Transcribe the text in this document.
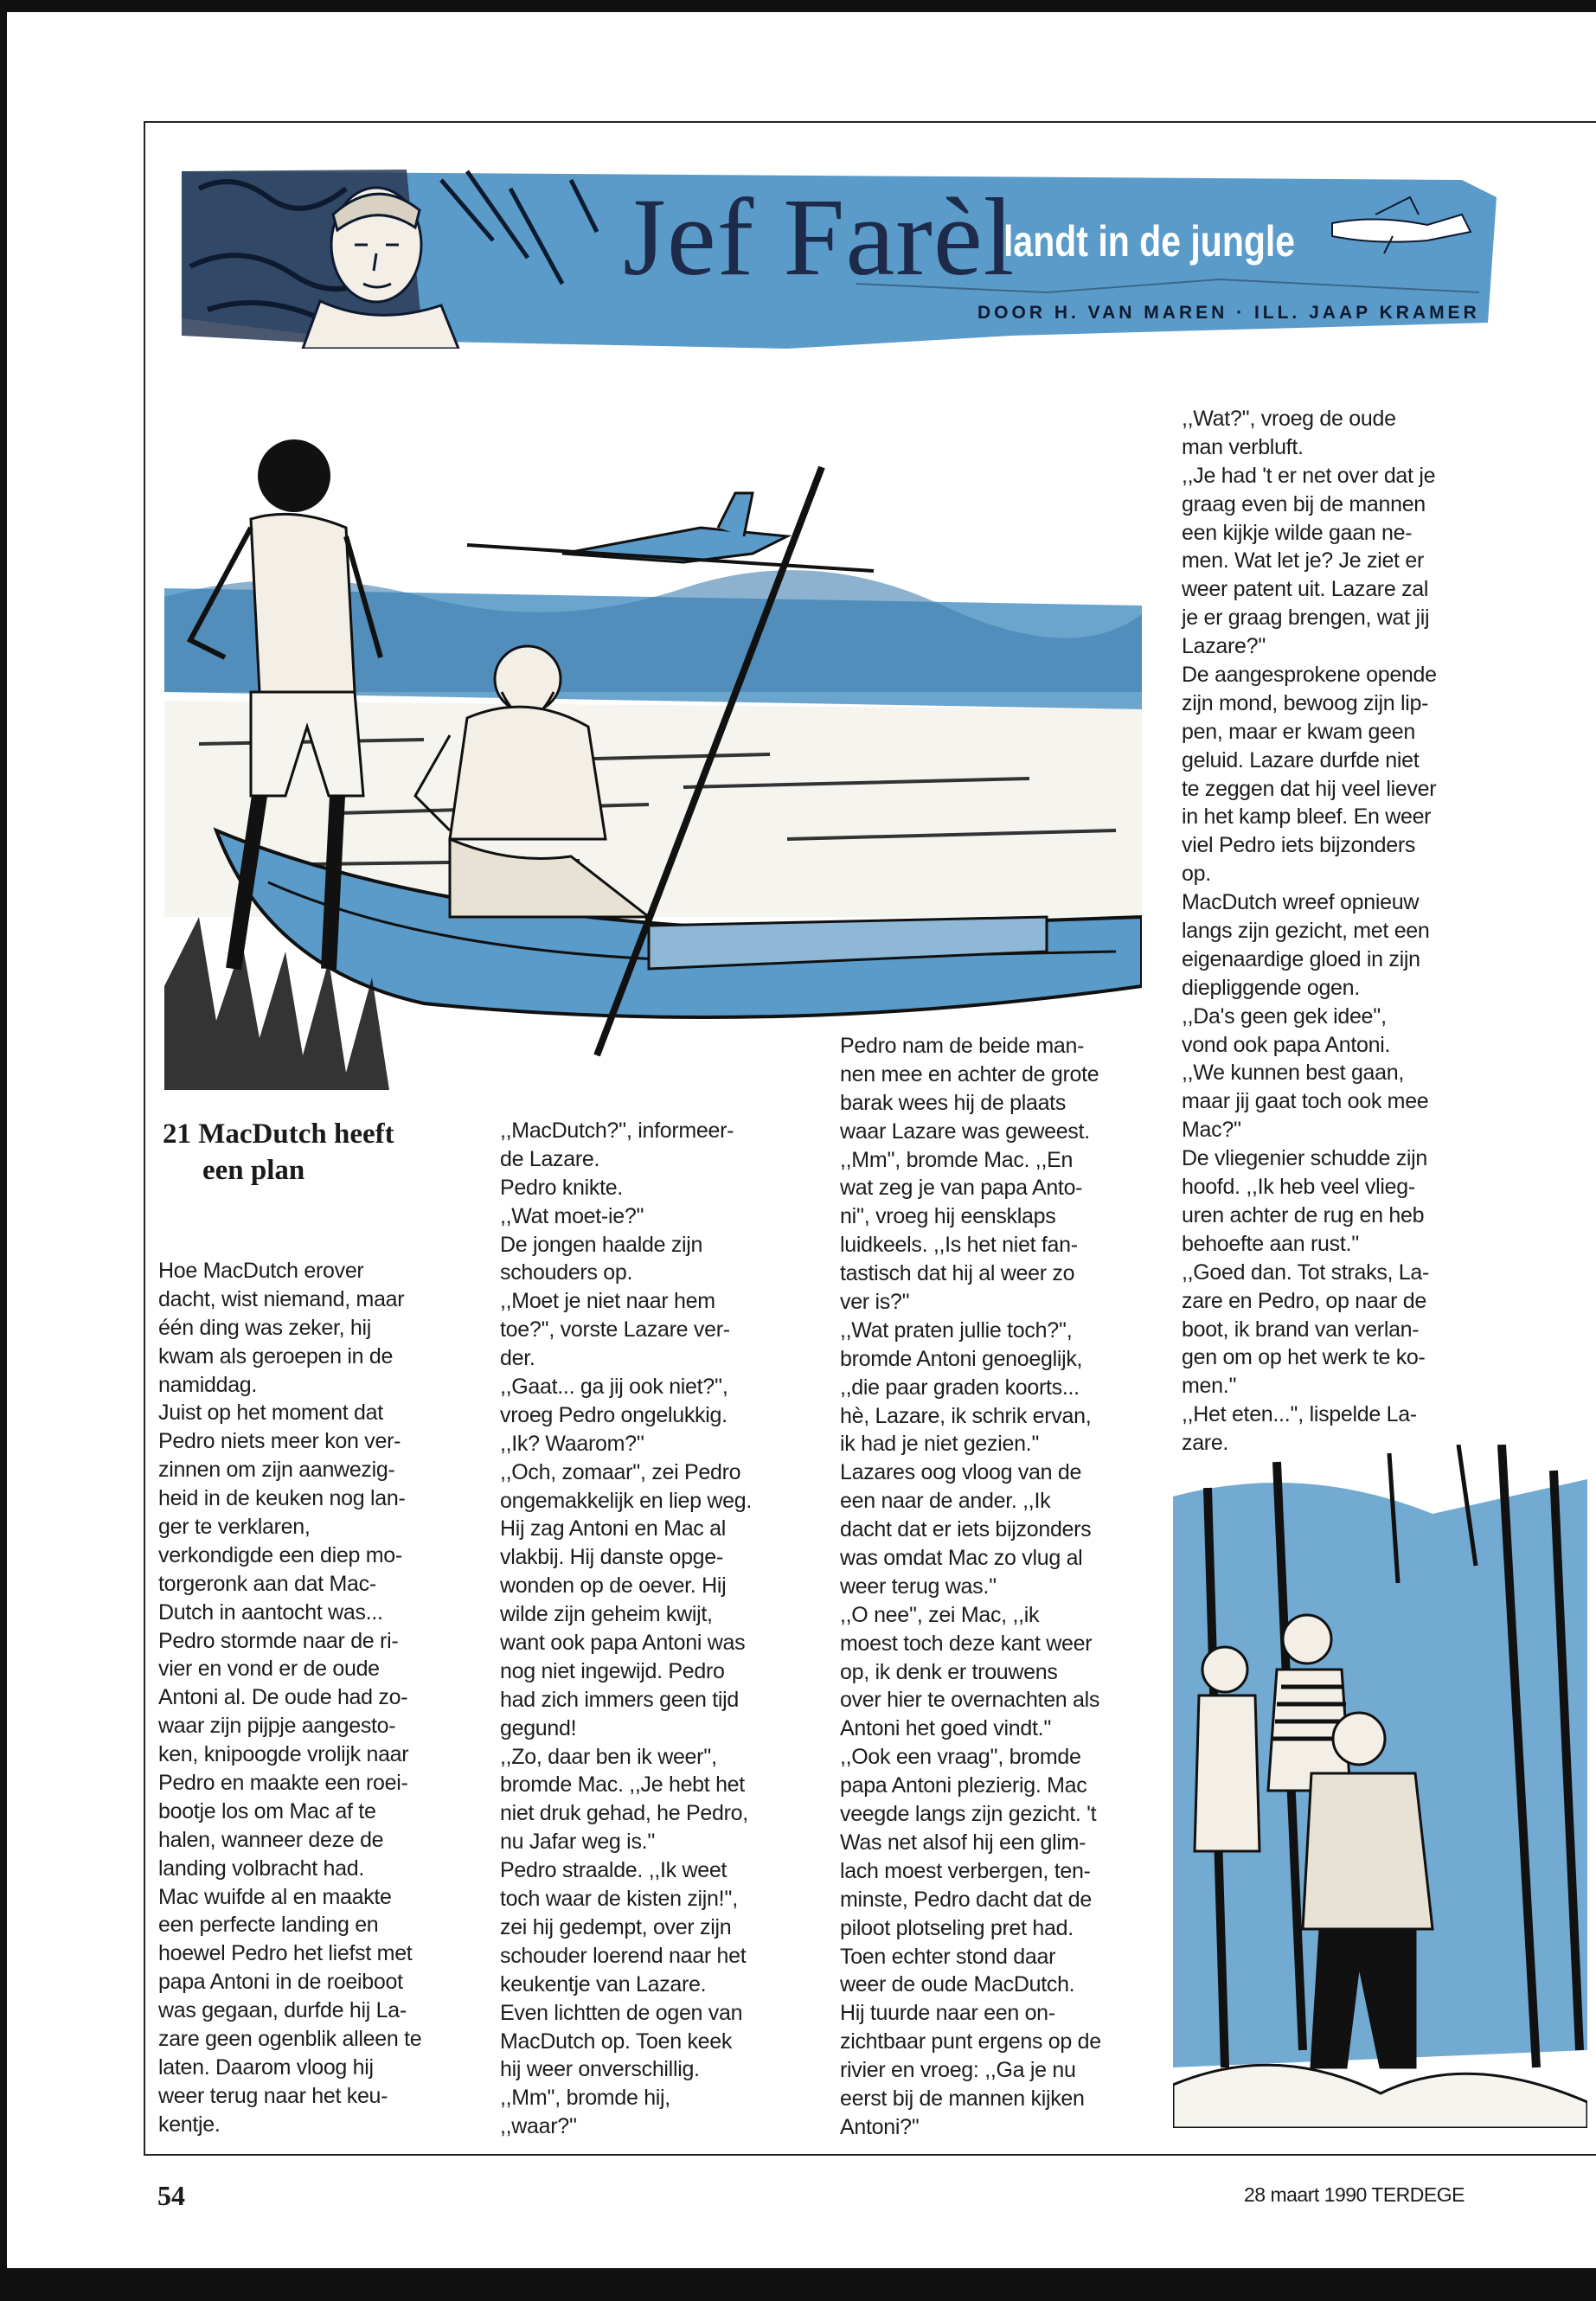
Jef Farèl
landt in de jungle
DOOR H. VAN MAREN · ILL. JAAP KRAMER
21 MacDutch heeft
een plan
Hoe MacDutch erover
dacht, wist niemand, maar
één ding was zeker, hij
kwam als geroepen in de
namiddag.
Juist op het moment dat
Pedro niets meer kon ver-
zinnen om zijn aanwezig-
heid in de keuken nog lan-
ger te verklaren,
verkondigde een diep mo-
torgeronk aan dat Mac-
Dutch in aantocht was...
Pedro stormde naar de ri-
vier en vond er de oude
Antoni al. De oude had zo-
waar zijn pijpje aangesto-
ken, knipoogde vrolijk naar
Pedro en maakte een roei-
bootje los om Mac af te
halen, wanneer deze de
landing volbracht had.
Mac wuifde al en maakte
een perfecte landing en
hoewel Pedro het liefst met
papa Antoni in de roeiboot
was gegaan, durfde hij La-
zare geen ogenblik alleen te
laten. Daarom vloog hij
weer terug naar het keu-
kentje.
,,MacDutch?'', informeer-
de Lazare.
Pedro knikte.
,,Wat moet-ie?''
De jongen haalde zijn
schouders op.
,,Moet je niet naar hem
toe?'', vorste Lazare ver-
der.
,,Gaat... ga jij ook niet?'',
vroeg Pedro ongelukkig.
,,Ik? Waarom?''
,,Och, zomaar'', zei Pedro
ongemakkelijk en liep weg.
Hij zag Antoni en Mac al
vlakbij. Hij danste opge-
wonden op de oever. Hij
wilde zijn geheim kwijt,
want ook papa Antoni was
nog niet ingewijd. Pedro
had zich immers geen tijd
gegund!
,,Zo, daar ben ik weer'',
bromde Mac. ,,Je hebt het
niet druk gehad, he Pedro,
nu Jafar weg is.''
Pedro straalde. ,,Ik weet
toch waar de kisten zijn!'',
zei hij gedempt, over zijn
schouder loerend naar het
keukentje van Lazare.
Even lichtten de ogen van
MacDutch op. Toen keek
hij weer onverschillig.
,,Mm'', bromde hij,
,,waar?''
Pedro nam de beide man-
nen mee en achter de grote
barak wees hij de plaats
waar Lazare was geweest.
,,Mm'', bromde Mac. ,,En
wat zeg je van papa Anto-
ni'', vroeg hij eensklaps
luidkeels. ,,Is het niet fan-
tastisch dat hij al weer zo
ver is?''
,,Wat praten jullie toch?'',
bromde Antoni genoeglijk,
,,die paar graden koorts...
hè, Lazare, ik schrik ervan,
ik had je niet gezien.''
Lazares oog vloog van de
een naar de ander. ,,Ik
dacht dat er iets bijzonders
was omdat Mac zo vlug al
weer terug was.''
,,O nee'', zei Mac, ,,ik
moest toch deze kant weer
op, ik denk er trouwens
over hier te overnachten als
Antoni het goed vindt.''
,,Ook een vraag'', bromde
papa Antoni plezierig. Mac
veegde langs zijn gezicht. 't
Was net alsof hij een glim-
lach moest verbergen, ten-
minste, Pedro dacht dat de
piloot plotseling pret had.
Toen echter stond daar
weer de oude MacDutch.
Hij tuurde naar een on-
zichtbaar punt ergens op de
rivier en vroeg: ,,Ga je nu
eerst bij de mannen kijken
Antoni?''
,,Wat?'', vroeg de oude
man verbluft.
,,Je had 't er net over dat je
graag even bij de mannen
een kijkje wilde gaan ne-
men. Wat let je? Je ziet er
weer patent uit. Lazare zal
je er graag brengen, wat jij
Lazare?''
De aangesprokene opende
zijn mond, bewoog zijn lip-
pen, maar er kwam geen
geluid. Lazare durfde niet
te zeggen dat hij veel liever
in het kamp bleef. En weer
viel Pedro iets bijzonders
op.
MacDutch wreef opnieuw
langs zijn gezicht, met een
eigenaardige gloed in zijn
diepliggende ogen.
,,Da's geen gek idee'',
vond ook papa Antoni.
,,We kunnen best gaan,
maar jij gaat toch ook mee
Mac?''
De vliegenier schudde zijn
hoofd. ,,Ik heb veel vlieg-
uren achter de rug en heb
behoefte aan rust.''
,,Goed dan. Tot straks, La-
zare en Pedro, op naar de
boot, ik brand van verlan-
gen om op het werk te ko-
men.''
,,Het eten...'', lispelde La-
zare.
54	28 maart 1990 TERDEGE
